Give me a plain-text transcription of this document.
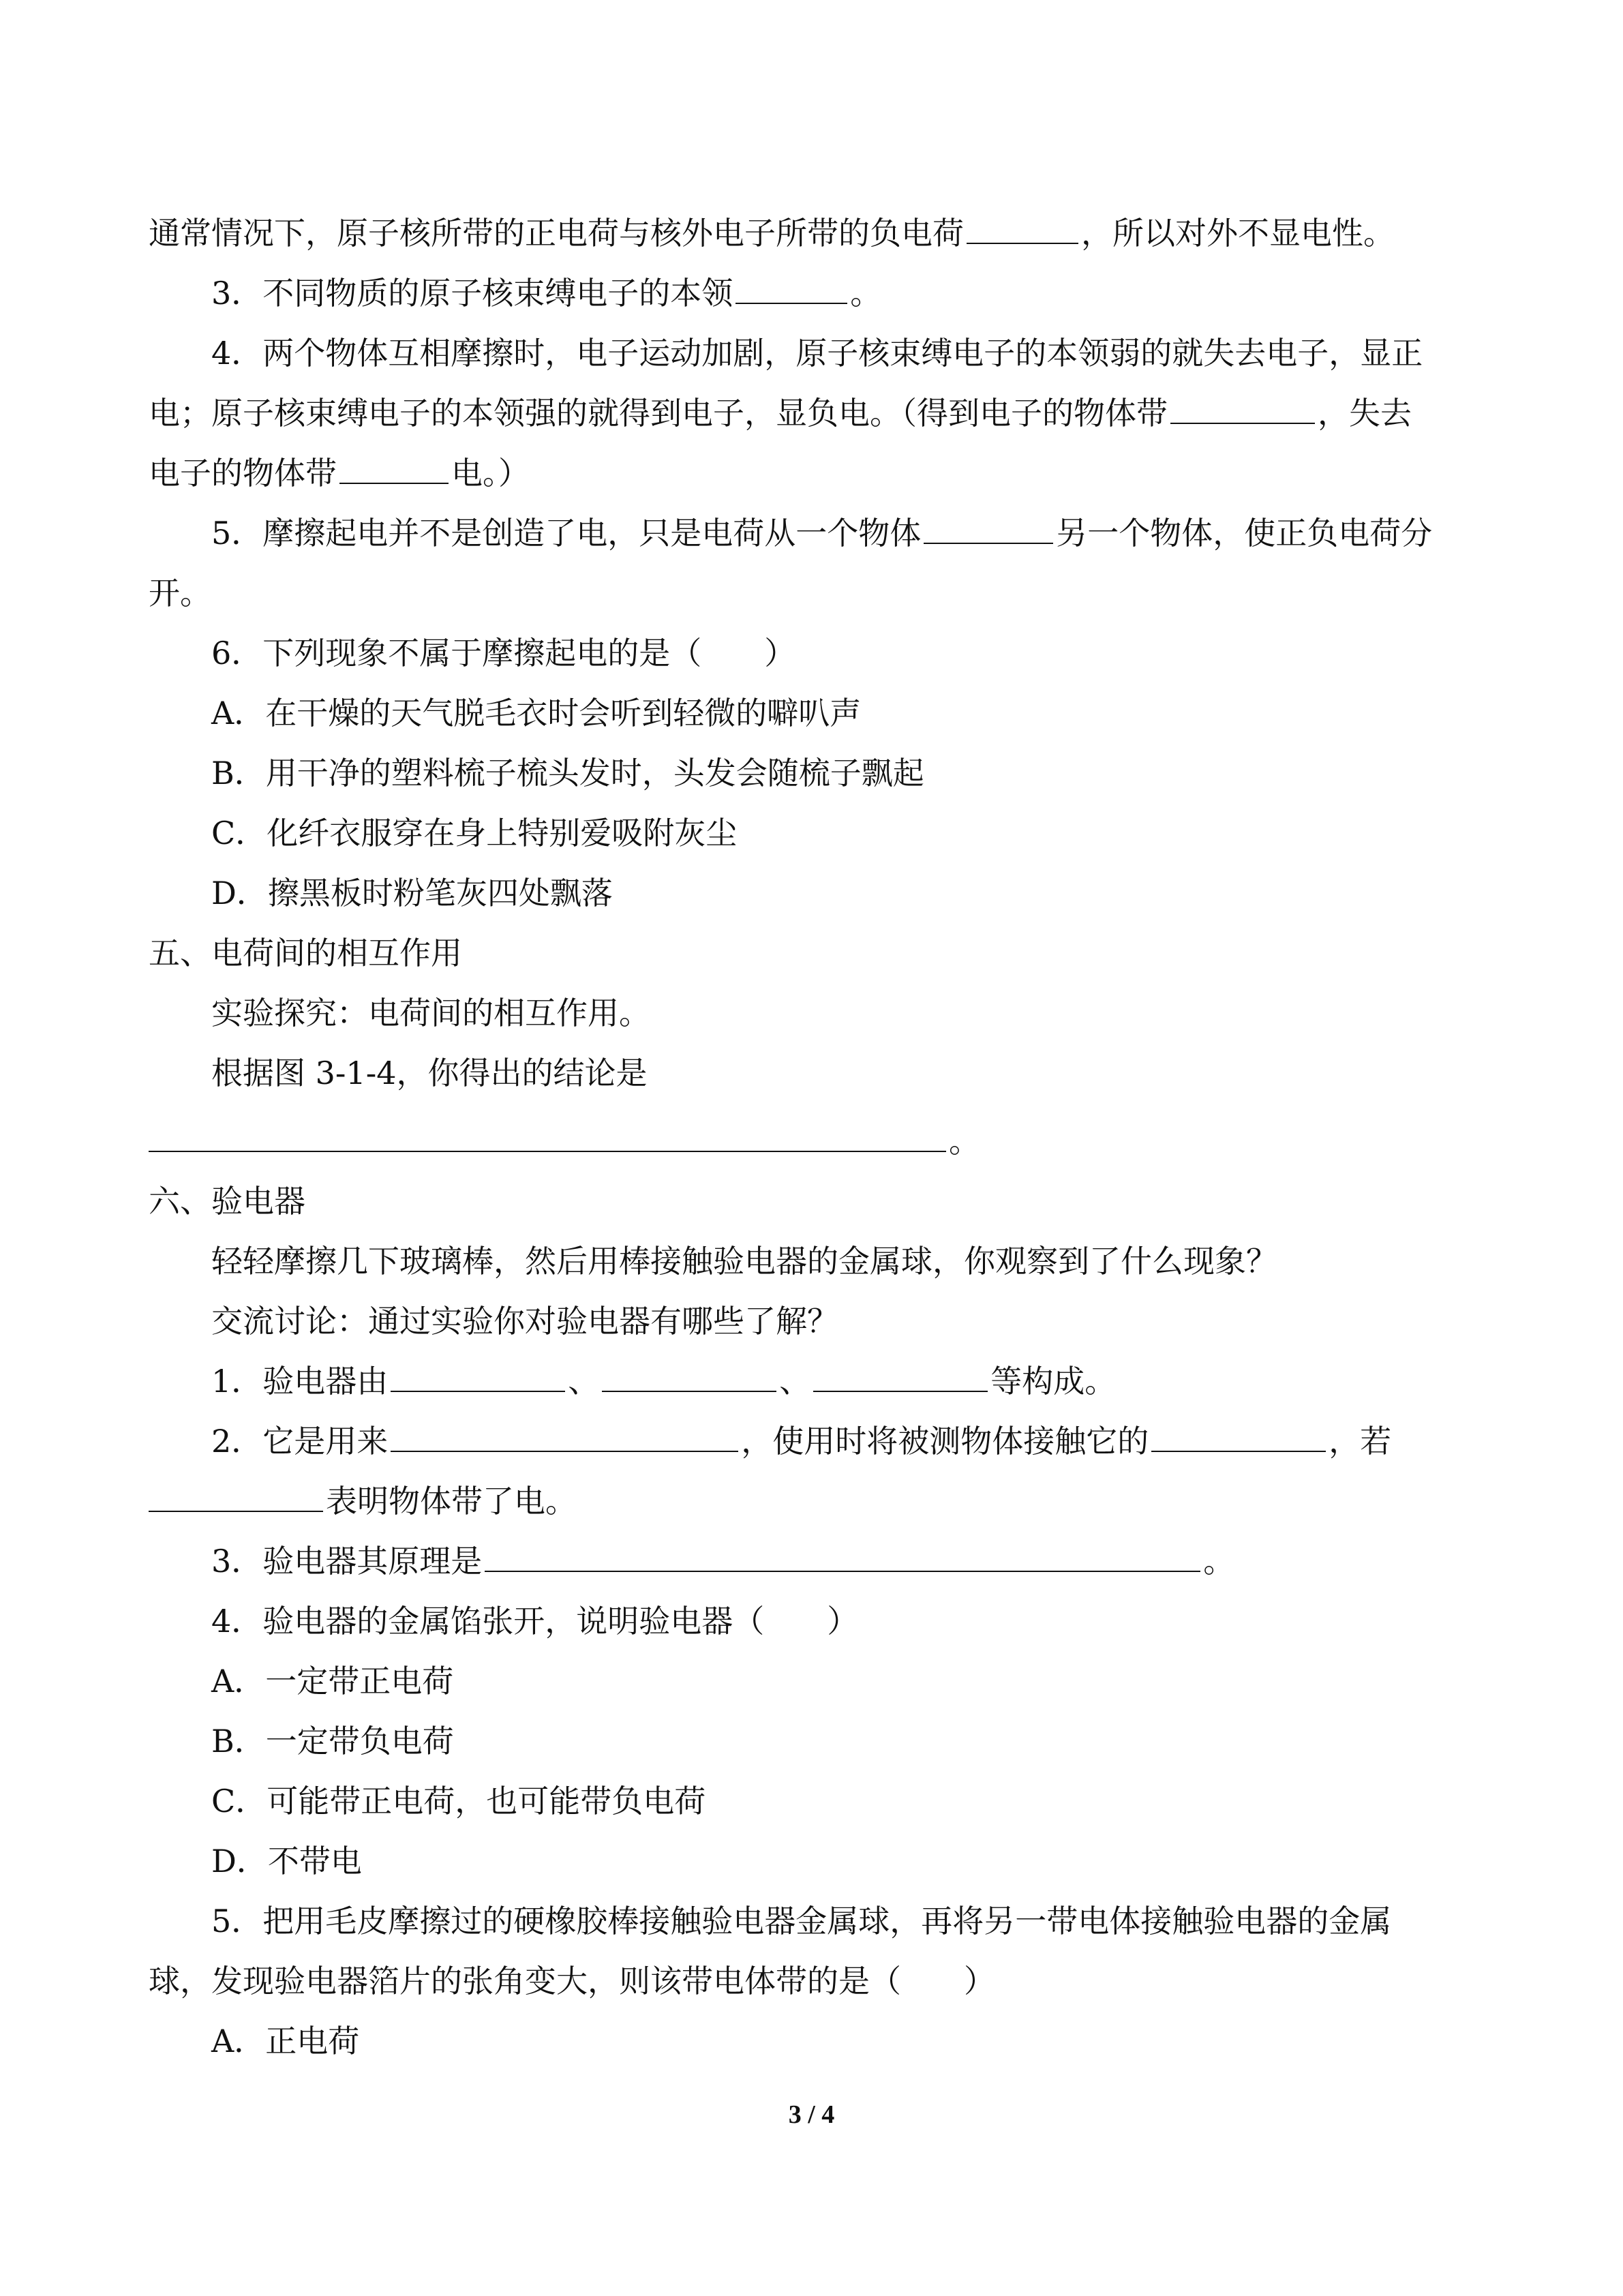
通常情况下，原子核所带的正电荷与核外电子所带的负电荷	，所以对外不显电性。
3．不同物质的原子核束缚电子的本领	。
4．两个物体互相摩擦时，电子运动加剧，原子核束缚电子的本领弱的就失去电子，显正
电；原子核束缚电子的本领强的就得到电子，显负电。（得到电子的物体带	，失去
电子的物体带	电。）
5．摩擦起电并不是创造了电，只是电荷从一个物体	另一个物体，使正负电荷分
开。
6．下列现象不属于摩擦起电的是（　　）
A．在干燥的天气脱毛衣时会听到轻微的噼叭声
B．用干净的塑料梳子梳头发时，头发会随梳子飘起
C．化纤衣服穿在身上特别爱吸附灰尘
D．擦黑板时粉笔灰四处飘落
五、电荷间的相互作用
实验探究：电荷间的相互作用。
根据图 3-1-4，你得出的结论是
。
六、验电器
轻轻摩擦几下玻璃棒，然后用棒接触验电器的金属球，你观察到了什么现象？
交流讨论：通过实验你对验电器有哪些了解？
1．验电器由	、	、	等构成。
2．它是用来	，使用时将被测物体接触它的	，若
表明物体带了电。
3．验电器其原理是	。
4．验电器的金属馅张开，说明验电器（　　）
A．一定带正电荷
B．一定带负电荷
C．可能带正电荷，也可能带负电荷
D．不带电
5．把用毛皮摩擦过的硬橡胶棒接触验电器金属球，再将另一带电体接触验电器的金属
球，发现验电器箔片的张角变大，则该带电体带的是（　　）
A．正电荷
3 / 4
